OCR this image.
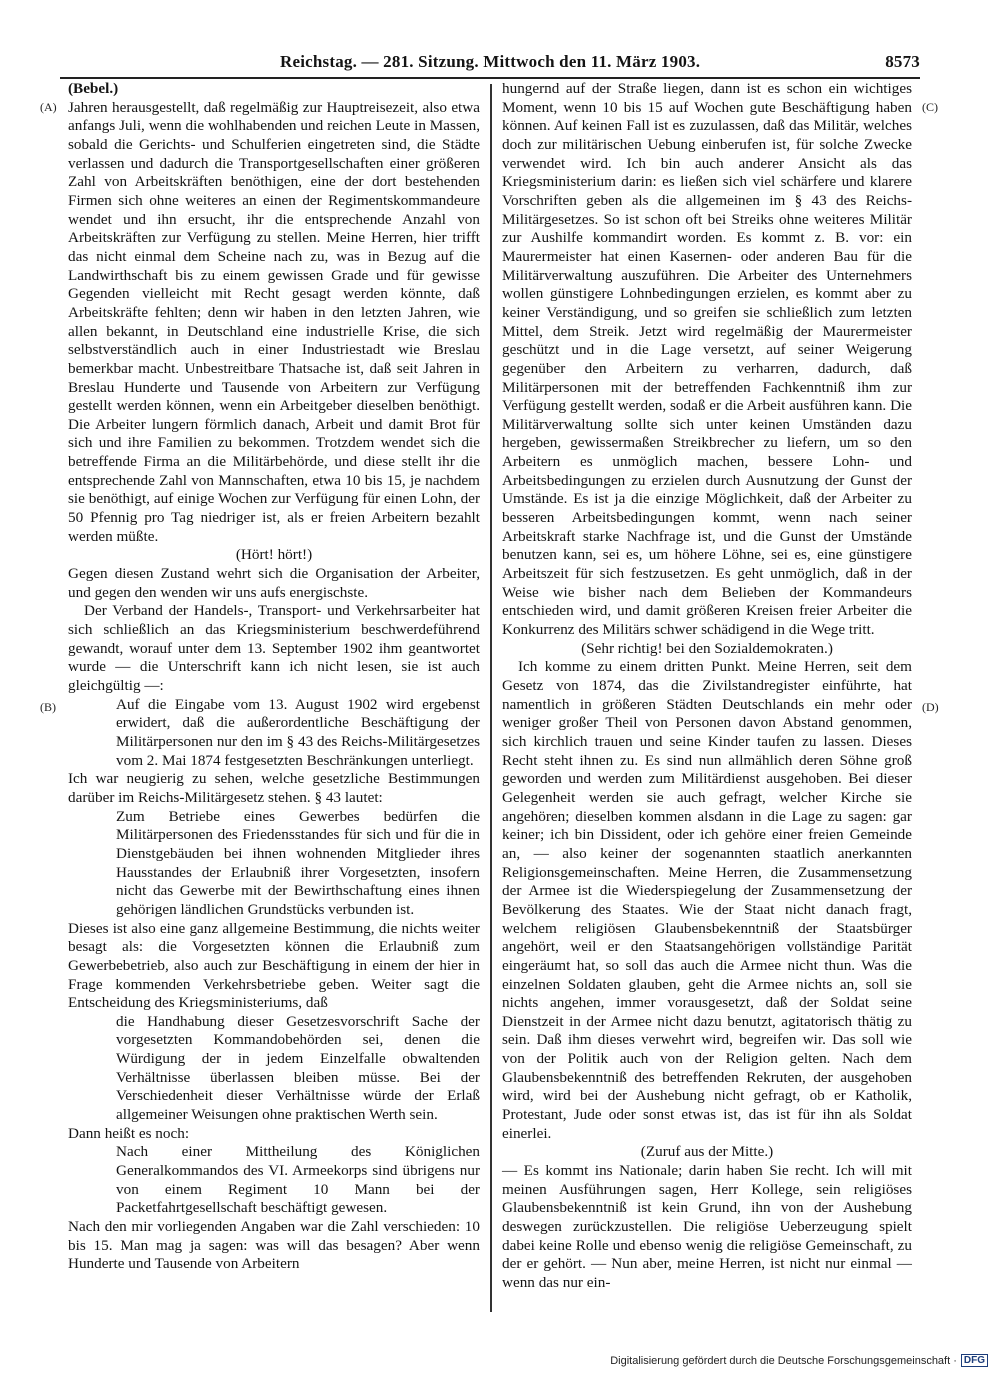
Reichstag. — 281. Sitzung. Mittwoch den 11. März 1903.	8573
(A)
(B)
(C)
(D)

(Bebel.)

Jahren herausgestellt, daß regelmäßig zur Hauptreisezeit, also etwa anfangs Juli, wenn die wohlhabenden und reichen Leute in Massen, sobald die Gerichts- und Schulferien eingetreten sind, die Städte verlassen und dadurch die Transportgesellschaften einer größeren Zahl von Arbeitskräften benöthigen, eine der dort bestehenden Firmen sich ohne weiteres an einen der Regimentskommandeure wendet und ihn ersucht, ihr die entsprechende Anzahl von Arbeitskräften zur Verfügung zu stellen. Meine Herren, hier trifft das nicht einmal dem Scheine nach zu, was in Bezug auf die Landwirthschaft bis zu einem gewissen Grade und für gewisse Gegenden vielleicht mit Recht gesagt werden könnte, daß Arbeitskräfte fehlten; denn wir haben in den letzten Jahren, wie allen bekannt, in Deutschland eine industrielle Krise, die sich selbstverständlich auch in einer Industriestadt wie Breslau bemerkbar macht. Unbestreitbare Thatsache ist, daß seit Jahren in Breslau Hunderte und Tausende von Arbeitern zur Verfügung gestellt werden können, wenn ein Arbeitgeber dieselben benöthigt. Die Arbeiter lungern förmlich danach, Arbeit und damit Brot für sich und ihre Familien zu bekommen. Trotzdem wendet sich die betreffende Firma an die Militärbehörde, und diese stellt ihr die entsprechende Zahl von Mannschaften, etwa 10 bis 15, je nachdem sie benöthigt, auf einige Wochen zur Verfügung für einen Lohn, der 50 Pfennig pro Tag niedriger ist, als er freien Arbeitern bezahlt werden müßte.

(Hört! hört!)

Gegen diesen Zustand wehrt sich die Organisation der Arbeiter, und gegen den wenden wir uns aufs energischste.

Der Verband der Handels-, Transport- und Verkehrsarbeiter hat sich schließlich an das Kriegsministerium beschwerdeführend gewandt, worauf unter dem 13. September 1902 ihm geantwortet wurde — die Unterschrift kann ich nicht lesen, sie ist auch gleichgültig —:

Auf die Eingabe vom 13. August 1902 wird ergebenst erwidert, daß die außerordentliche Beschäftigung der Militärpersonen nur den im § 43 des Reichs-Militärgesetzes vom 2. Mai 1874 festgesetzten Beschränkungen unterliegt.

Ich war neugierig zu sehen, welche gesetzliche Bestimmungen darüber im Reichs-Militärgesetz stehen. § 43 lautet:

Zum Betriebe eines Gewerbes bedürfen die Militärpersonen des Friedensstandes für sich und für die in Dienstgebäuden bei ihnen wohnenden Mitglieder ihres Hausstandes der Erlaubniß ihrer Vorgesetzten, insofern nicht das Gewerbe mit der Bewirthschaftung eines ihnen gehörigen ländlichen Grundstücks verbunden ist.

Dieses ist also eine ganz allgemeine Bestimmung, die nichts weiter besagt als: die Vorgesetzten können die Erlaubniß zum Gewerbebetrieb, also auch zur Beschäftigung in einem der hier in Frage kommenden Verkehrsbetriebe geben. Weiter sagt die Entscheidung des Kriegsministeriums, daß

die Handhabung dieser Gesetzesvorschrift Sache der vorgesetzten Kommandobehörden sei, denen die Würdigung der in jedem Einzelfalle obwaltenden Verhältnisse überlassen bleiben müsse. Bei der Verschiedenheit dieser Verhältnisse würde der Erlaß allgemeiner Weisungen ohne praktischen Werth sein.

Dann heißt es noch:

Nach einer Mittheilung des Königlichen Generalkommandos des VI. Armeekorps sind übrigens nur von einem Regiment 10 Mann bei der Packetfahrtgesellschaft beschäftigt gewesen.

Nach den mir vorliegenden Angaben war die Zahl verschieden: 10 bis 15. Man mag ja sagen: was will das besagen? Aber wenn Hunderte und Tausende von Arbeitern

hungernd auf der Straße liegen, dann ist es schon ein wichtiges Moment, wenn 10 bis 15 auf Wochen gute Beschäftigung haben können. Auf keinen Fall ist es zuzulassen, daß das Militär, welches doch zur militärischen Uebung einberufen ist, für solche Zwecke verwendet wird. Ich bin auch anderer Ansicht als das Kriegsministerium darin: es ließen sich viel schärfere und klarere Vorschriften geben als die allgemeinen im § 43 des Reichs-Militärgesetzes. So ist schon oft bei Streiks ohne weiteres Militär zur Aushilfe kommandirt worden. Es kommt z. B. vor: ein Maurermeister hat einen Kasernen- oder anderen Bau für die Militärverwaltung auszuführen. Die Arbeiter des Unternehmers wollen günstigere Lohnbedingungen erzielen, es kommt aber zu keiner Verständigung, und so greifen sie schließlich zum letzten Mittel, dem Streik. Jetzt wird regelmäßig der Maurermeister geschützt und in die Lage versetzt, auf seiner Weigerung gegenüber den Arbeitern zu verharren, dadurch, daß Militärpersonen mit der betreffenden Fachkenntniß ihm zur Verfügung gestellt werden, sodaß er die Arbeit ausführen kann. Die Militärverwaltung sollte sich unter keinen Umständen dazu hergeben, gewissermaßen Streikbrecher zu liefern, um so den Arbeitern es unmöglich machen, bessere Lohn- und Arbeitsbedingungen zu erzielen durch Ausnutzung der Gunst der Umstände. Es ist ja die einzige Möglichkeit, daß der Arbeiter zu besseren Arbeitsbedingungen kommt, wenn nach seiner Arbeitskraft starke Nachfrage ist, und die Gunst der Umstände benutzen kann, sei es, um höhere Löhne, sei es, eine günstigere Arbeitszeit für sich festzusetzen. Es geht unmöglich, daß in der Weise wie bisher nach dem Belieben der Kommandeurs entschieden wird, und damit größeren Kreisen freier Arbeiter die Konkurrenz des Militärs schwer schädigend in die Wege tritt.

(Sehr richtig! bei den Sozialdemokraten.)

Ich komme zu einem dritten Punkt. Meine Herren, seit dem Gesetz von 1874, das die Zivilstandregister einführte, hat namentlich in größeren Städten Deutschlands ein mehr oder weniger großer Theil von Personen davon Abstand genommen, sich kirchlich trauen und seine Kinder taufen zu lassen. Dieses Recht steht ihnen zu. Es sind nun allmählich deren Söhne groß geworden und werden zum Militärdienst ausgehoben. Bei dieser Gelegenheit werden sie auch gefragt, welcher Kirche sie angehören; dieselben kommen alsdann in die Lage zu sagen: gar keiner; ich bin Dissident, oder ich gehöre einer freien Gemeinde an, — also keiner der sogenannten staatlich anerkannten Religionsgemeinschaften. Meine Herren, die Zusammensetzung der Armee ist die Wiederspiegelung der Zusammensetzung der Bevölkerung des Staates. Wie der Staat nicht danach fragt, welchem religiösen Glaubensbekenntniß der Staatsbürger angehört, weil er den Staatsangehörigen vollständige Parität eingeräumt hat, so soll das auch die Armee nicht thun. Was die einzelnen Soldaten glauben, geht die Armee nichts an, soll sie nichts angehen, immer vorausgesetzt, daß der Soldat seine Dienstzeit in der Armee nicht dazu benutzt, agitatorisch thätig zu sein. Daß ihm dieses verwehrt wird, begreifen wir. Das soll wie von der Politik auch von der Religion gelten. Nach dem Glaubensbekenntniß des betreffenden Rekruten, der ausgehoben wird, wird bei der Aushebung nicht gefragt, ob er Katholik, Protestant, Jude oder sonst etwas ist, das ist für ihn als Soldat einerlei.

(Zuruf aus der Mitte.)

— Es kommt ins Nationale; darin haben Sie recht. Ich will mit meinen Ausführungen sagen, Herr Kollege, sein religiöses Glaubensbekenntniß ist kein Grund, ihn von der Aushebung deswegen zurückzustellen. Die religiöse Ueberzeugung spielt dabei keine Rolle und ebenso wenig die religiöse Gemeinschaft, zu der er gehört. — Nun aber, meine Herren, ist nicht nur einmal — wenn das nur ein-

Digitalisierung gefördert durch die Deutsche Forschungsgemeinschaft · DFG
